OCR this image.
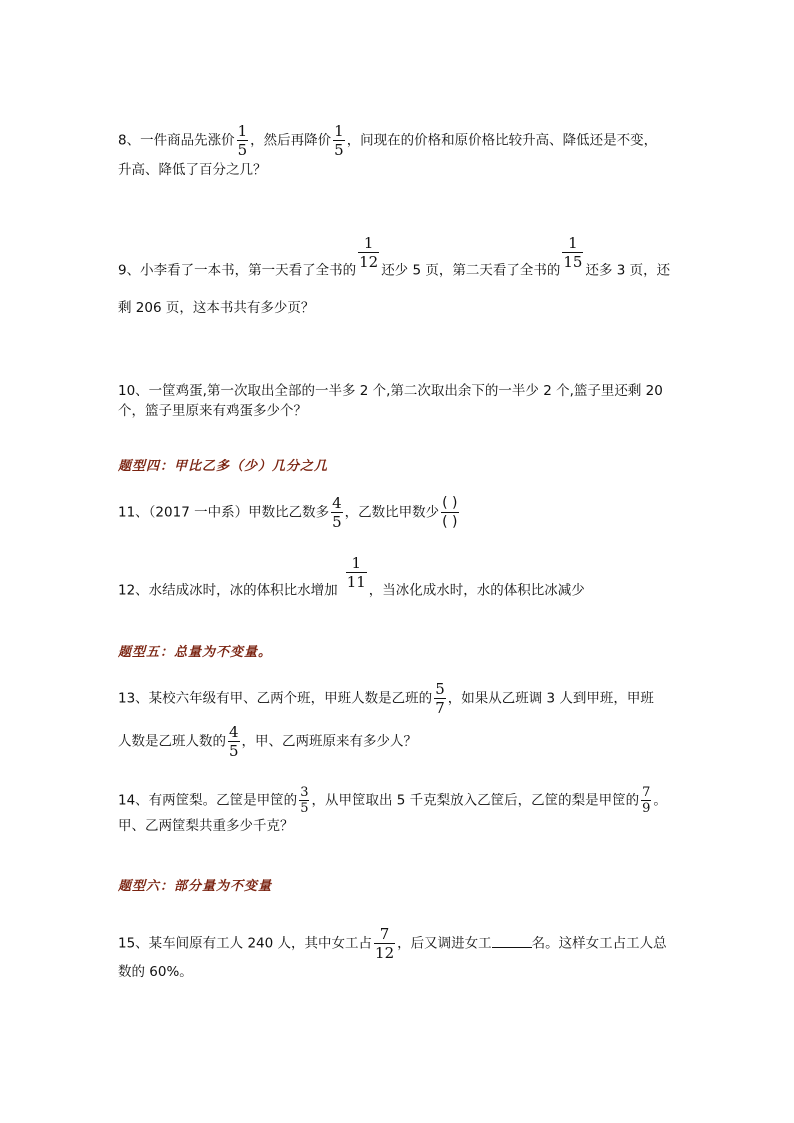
8、一件商品先涨价 $\frac{1}{5}$ ，然后再降价 $\frac{1}{5}$ ，问现在的价格和原价格比较升高、降低还是不变，
升高、降低了百分之几？
9、小李看了一本书，第一天看了全书的 $\frac{1}{12}$ 还少 5 页，第二天看了全书的 $\frac{1}{15}$ 还多 3 页，还
剩 206 页，这本书共有多少页？
10、一筐鸡蛋,第一次取出全部的一半多 2 个,第二次取出余下的一半少 2 个,篮子里还剩 20
个，篮子里原来有鸡蛋多少个？
题型四：甲比乙多（少）几分之几
11、（2017 一中系）甲数比乙数多 $\frac{4}{5}$ ，乙数比甲数少 $\frac{( )}{( )}$
12、水结成冰时，冰的体积比水增加 $\frac{1}{11}$ ，当冰化成水时，水的体积比冰减少
题型五：总量为不变量。
13、某校六年级有甲、乙两个班，甲班人数是乙班的 $\frac{5}{7}$ ，如果从乙班调 3 人到甲班，甲班
人数是乙班人数的 $\frac{4}{5}$ ，甲、乙两班原来有多少人？
14、有两筐梨。乙筐是甲筐的 $\frac{3}{5}$ ，从甲筐取出 5 千克梨放入乙筐后，乙筐的梨是甲筐的 $\frac{7}{9}$ 。
甲、乙两筐梨共重多少千克？
题型六：部分量为不变量
15、某车间原有工人 240 人，其中女工占 $\frac{7}{12}$ ，后又调进女工	名。这样女工占工人总
数的 60%。
